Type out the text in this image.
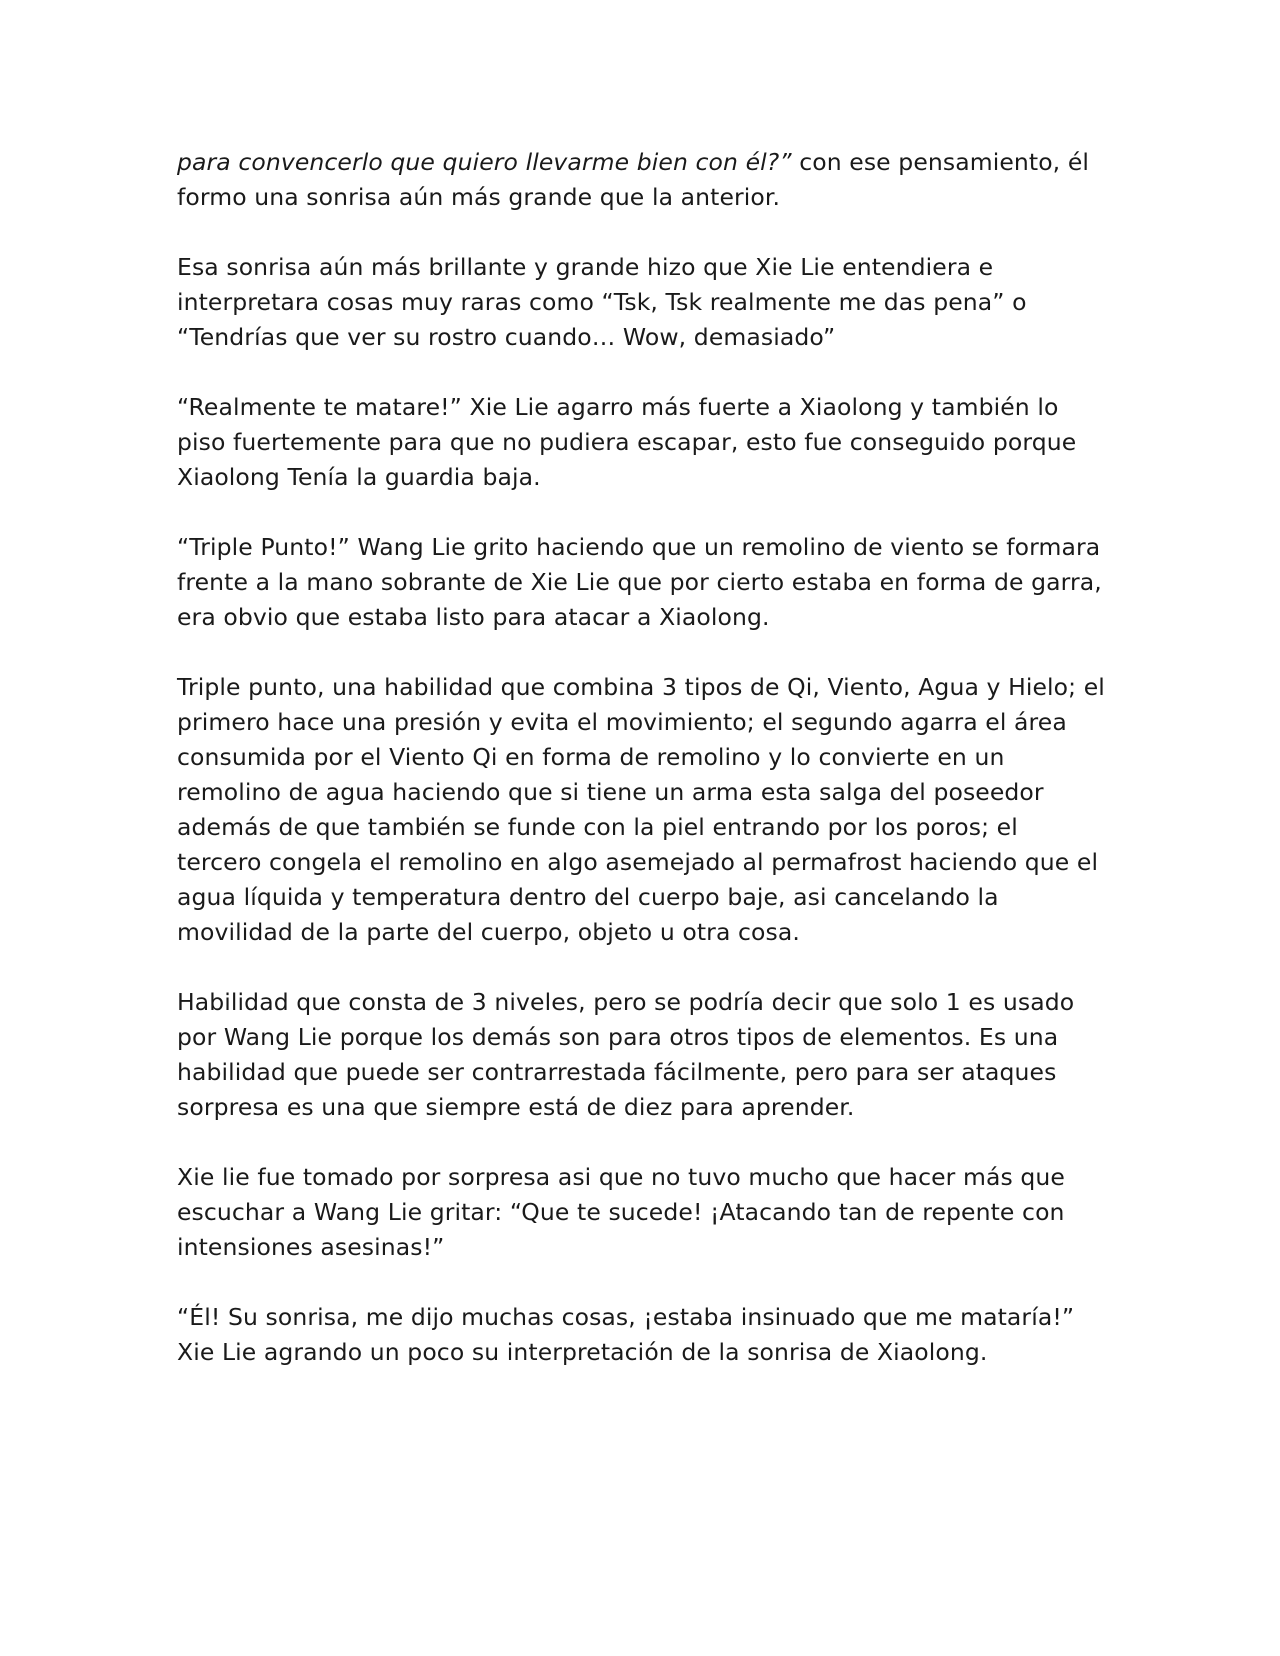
para convencerlo que quiero llevarme bien con él?” con ese pensamiento, él formo una sonrisa aún más grande que la anterior.

Esa sonrisa aún más brillante y grande hizo que Xie Lie entendiera e interpretara cosas muy raras como “Tsk, Tsk realmente me das pena” o “Tendrías que ver su rostro cuando… Wow, demasiado”

“Realmente te matare!” Xie Lie agarro más fuerte a Xiaolong y también lo piso fuertemente para que no pudiera escapar, esto fue conseguido porque Xiaolong Tenía la guardia baja.

“Triple Punto!” Wang Lie grito haciendo que un remolino de viento se formara frente a la mano sobrante de Xie Lie que por cierto estaba en forma de garra, era obvio que estaba listo para atacar a Xiaolong.

Triple punto, una habilidad que combina 3 tipos de Qi, Viento, Agua y Hielo; el primero hace una presión y evita el movimiento; el segundo agarra el área consumida por el Viento Qi en forma de remolino y lo convierte en un remolino de agua haciendo que si tiene un arma esta salga del poseedor además de que también se funde con la piel entrando por los poros; el tercero congela el remolino en algo asemejado al permafrost haciendo que el agua líquida y temperatura dentro del cuerpo baje, asi cancelando la movilidad de la parte del cuerpo, objeto u otra cosa.

Habilidad que consta de 3 niveles, pero se podría decir que solo 1 es usado por Wang Lie porque los demás son para otros tipos de elementos. Es una habilidad que puede ser contrarrestada fácilmente, pero para ser ataques sorpresa es una que siempre está de diez para aprender.

Xie lie fue tomado por sorpresa asi que no tuvo mucho que hacer más que escuchar a Wang Lie gritar: “Que te sucede! ¡Atacando tan de repente con intensiones asesinas!”

“Él! Su sonrisa, me dijo muchas cosas, ¡estaba insinuado que me mataría!” Xie Lie agrando un poco su interpretación de la sonrisa de Xiaolong.
